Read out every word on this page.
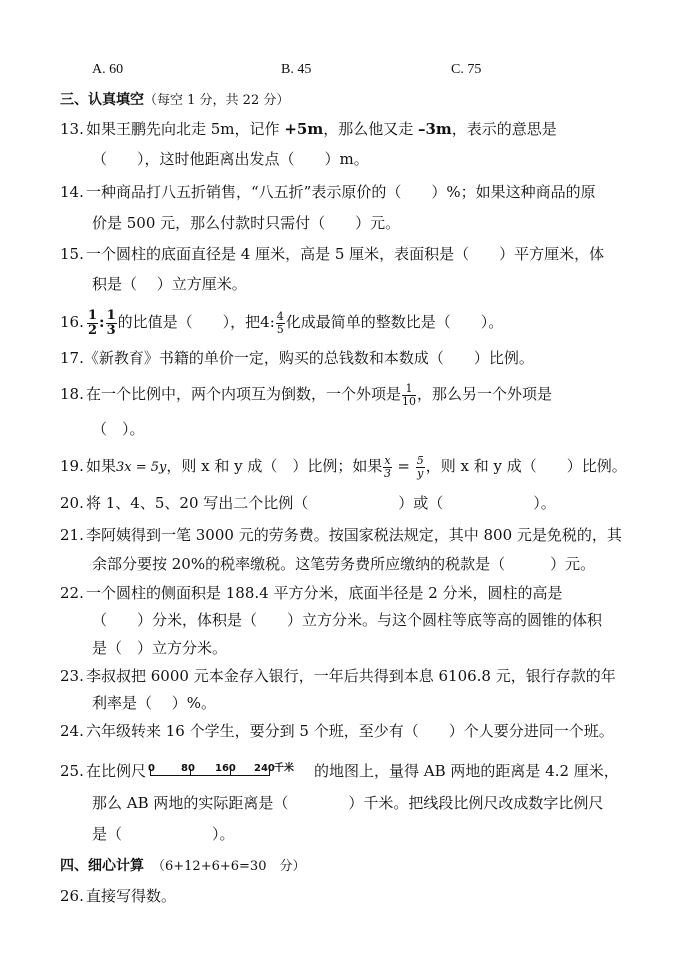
A. 60	B. 45	C. 75
三、认真填空（每空 1 分，共 22 分）
13. 如果王鹏先向北走 5m，记作 +5m，那么他又走 –3m，表示的意思是
（　　），这时他距离出发点（　　）m。
14. 一种商品打八五折销售，“八五折”表示原价的（　　）%；如果这种商品的原
价是 500 元，那么付款时只需付（　　）元。
15. 一个圆柱的底面直径是 4 厘米，高是 5 厘米，表面积是（　　）平方厘米，体
积是（　 ）立方厘米。
16. $\frac{1}{2}$ : $\frac{1}{3}$ 的比值是（　　），把4: $\frac{4}{5}$ 化成最简单的整数比是（　　）。
17.《新教育》书籍的单价一定，购买的总钱数和本数成（　　）比例。
18. 在一个比例中，两个内项互为倒数，一个外项是 $\frac{1}{10}$ ，那么另一个外项是
（　）。
19. 如果3x = 5y，则 x 和 y 成（　）比例；如果 $\frac{x}{3} = \frac{5}{y}$ ，则 x 和 y 成（　　）比例。
20. 将 1、4、5、20 写出二个比例（　　　　　　）或（　　　　　　）。
21. 李阿姨得到一笔 3000 元的劳务费。按国家税法规定，其中 800 元是免税的，其
余部分要按 20%的税率缴税。这笔劳务费所应缴纳的税款是（　　　）元。
22. 一个圆柱的侧面积是 188.4 平方分米，底面半径是 2 分米，圆柱的高是
（　　）分米，体积是（　　）立方分米。与这个圆柱等底等高的圆锥的体积
是（　）立方分米。
23. 李叔叔把 6000 元本金存入银行，一年后共得到本息 6106.8 元，银行存款的年
利率是（　 ）%。
24. 六年级转来 16 个学生，要分到 5 个班，至少有（　　）个人要分进同一个班。
25. 在比例尺 0	80 160 240 千米 的地图上，量得 AB 两地的距离是 4.2 厘米，
那么 AB 两地的实际距离是（　　　　）千米。把线段比例尺改成数字比例尺
是（　　　　　　）。
四、细心计算 （6+12+6+6=30　分）
26. 直接写得数。
